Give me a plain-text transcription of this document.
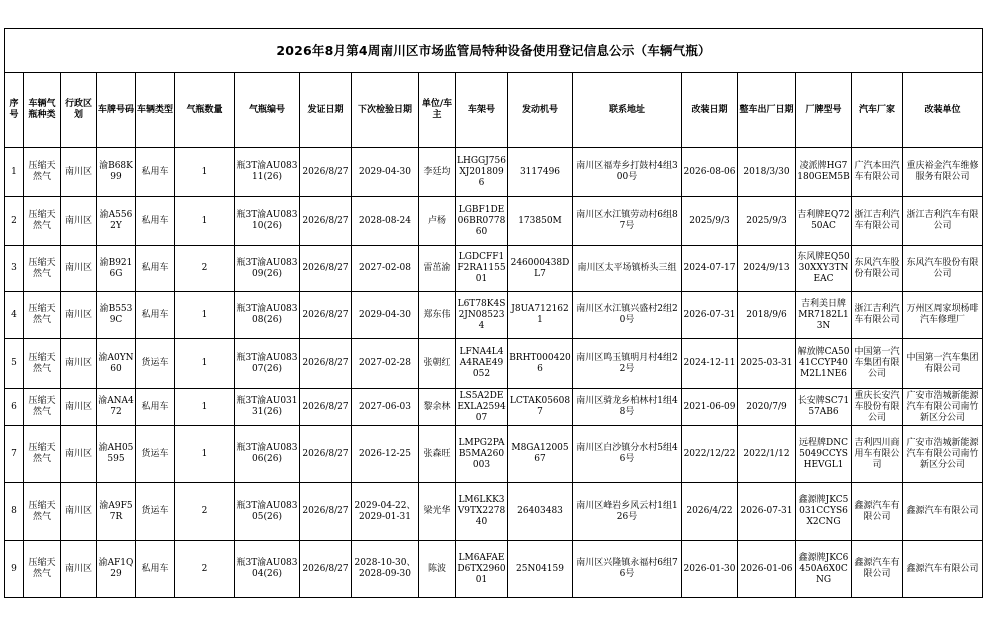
2026年8月第4周南川区市场监管局特种设备使用登记信息公示（车辆气瓶）																	
序号	车辆气瓶种类	行政区划	车牌号码	车辆类型	气瓶数量	气瓶编号	发证日期	下次检验日期	单位/车主	车架号	发动机号	联系地址	改装日期	整车出厂日期	厂牌型号	汽车厂家	改装单位
1	压缩天然气	南川区	渝B68K99	私用车	1	瓶3T渝AU08311(26)	2026/8/27	2029-04-30	李廷均	LHGGJ756XJ2018096	3117496	南川区福寿乡打鼓村4组300号	2026-08-06	2018/3/30	凌派牌HG7180GEM5B	广汽本田汽车有限公司	重庆裕金汽车维修服务有限公司
2	压缩天然气	南川区	渝A5562Y	私用车	1	瓶3T渝AU08310(26)	2026/8/27	2028-08-24	卢杨	LGBF1DE06BR077860	173850M	南川区水江镇劳动村6组87号	2025/9/3	2025/9/3	吉利牌EQ7250AC	浙江吉利汽车有限公司	浙江吉利汽车有限公司
3	压缩天然气	南川区	渝B9216G	私用车	2	瓶3T渝AU08309(26)	2026/8/27	2027-02-08	雷茁渝	LGDCFF1F2RA115501	246000438DL7	南川区太平场镇桥头三组	2024-07-17	2024/9/13	东风牌EQ5030XXY3TNEAC	东风汽车股份有限公司	东风汽车股份有限公司
4	压缩天然气	南川区	渝B5539C	私用车	1	瓶3T渝AU08308(26)	2026/8/27	2029-04-30	郑东伟	L6T78K4S2JN085234	J8UA7121621	南川区水江镇兴盛村2组20号	2026-07-31	2018/9/6	吉利美日牌MR7182L13N	浙江吉利汽车有限公司	万州区周家坝杨啡汽车修理厂
5	压缩天然气	南川区	渝A0YN60	货运车	1	瓶3T渝AU08307(26)	2026/8/27	2027-02-28	张朝红	LFNA4L4A4RAE49052	BRHT0004206	南川区鸣玉镇明月村4组22号	2024-12-11	2025-03-31	解放牌CA5041CCYP40M2L1NE6	中国第一汽车集团有限公司	中国第一汽车集团有限公司
6	压缩天然气	南川区	渝ANA472	私用车	1	瓶3T渝AU03131(26)	2026/8/27	2027-06-03	黎余林	LS5A2DEEXLA259407	LCTAK056087	南川区骑龙乡柏林村1组48号	2021-06-09	2020/7/9	长安牌SC7157AB6	重庆长安汽车股份有限公司	广安市浩城新能源汽车有限公司南竹新区分公司
7	压缩天然气	南川区	渝AH05595	货运车	1	瓶3T渝AU08306(26)	2026/8/27	2026-12-25	张森旺	LMPG2PAB5MA260003	M8GA1200567	南川区白沙镇分水村5组46号	2022/12/22	2022/1/12	远程牌DNC5049CCYSHEVGL1	吉利四川商用车有限公司	广安市浩城新能源汽车有限公司南竹新区分公司
8	压缩天然气	南川区	渝A9F57R	货运车	2	瓶3T渝AU08305(26)	2026/8/27	2029-04-22、2029-01-31	梁光华	LM6LKK3V9TX227840	26403483	南川区峰岩乡风云村1组126号	2026/4/22	2026-07-31	鑫源牌JKC5031CCYS6X2CNG	鑫源汽车有限公司	鑫源汽车有限公司
9	压缩天然气	南川区	渝AF1Q29	私用车	2	瓶3T渝AU08304(26)	2026/8/27	2028-10-30、2028-09-30	陈波	LM6AFAED6TX296001	25N04159	南川区兴隆镇永福村6组76号	2026-01-30	2026-01-06	鑫源牌JKC6450A6X0CNG	鑫源汽车有限公司	鑫源汽车有限公司
